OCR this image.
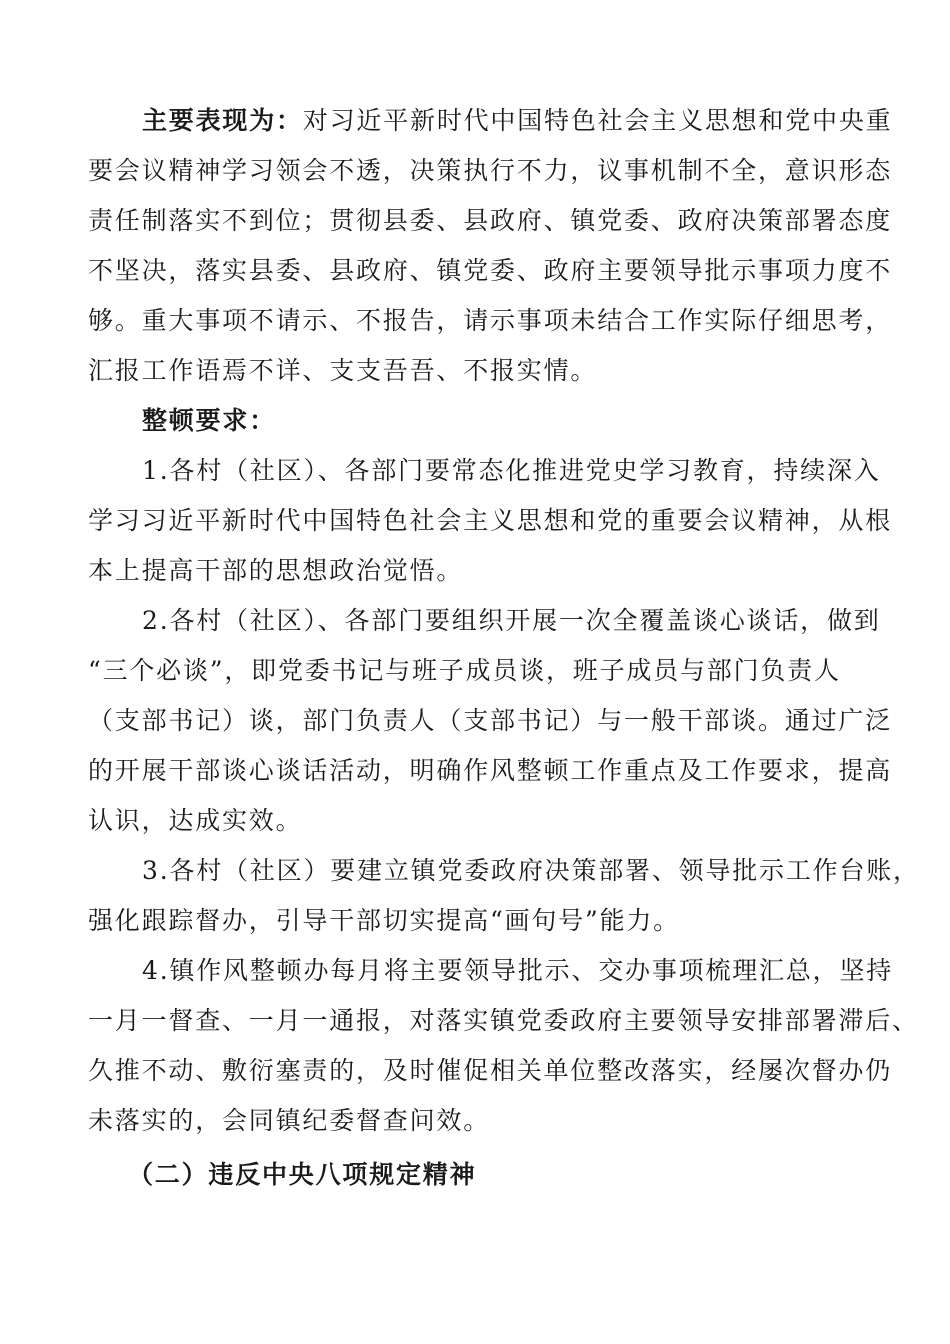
主要表现为：对习近平新时代中国特色社会主义思想和党中央重
要会议精神学习领会不透，决策执行不力，议事机制不全，意识形态
责任制落实不到位；贯彻县委、县政府、镇党委、政府决策部署态度
不坚决，落实县委、县政府、镇党委、政府主要领导批示事项力度不
够。重大事项不请示、不报告，请示事项未结合工作实际仔细思考，
汇报工作语焉不详、支支吾吾、不报实情。
整顿要求：
1.各村（社区）、各部门要常态化推进党史学习教育，持续深入
学习习近平新时代中国特色社会主义思想和党的重要会议精神，从根
本上提高干部的思想政治觉悟。
2.各村（社区）、各部门要组织开展一次全覆盖谈心谈话，做到
“三个必谈”，即党委书记与班子成员谈，班子成员与部门负责人
（支部书记）谈，部门负责人（支部书记）与一般干部谈。通过广泛
的开展干部谈心谈话活动，明确作风整顿工作重点及工作要求，提高
认识，达成实效。
3.各村（社区）要建立镇党委政府决策部署、领导批示工作台账，
强化跟踪督办，引导干部切实提高“画句号”能力。
4.镇作风整顿办每月将主要领导批示、交办事项梳理汇总，坚持
一月一督查、一月一通报，对落实镇党委政府主要领导安排部署滞后、
久推不动、敷衍塞责的，及时催促相关单位整改落实，经屡次督办仍
未落实的，会同镇纪委督查问效。
（二）违反中央八项规定精神
